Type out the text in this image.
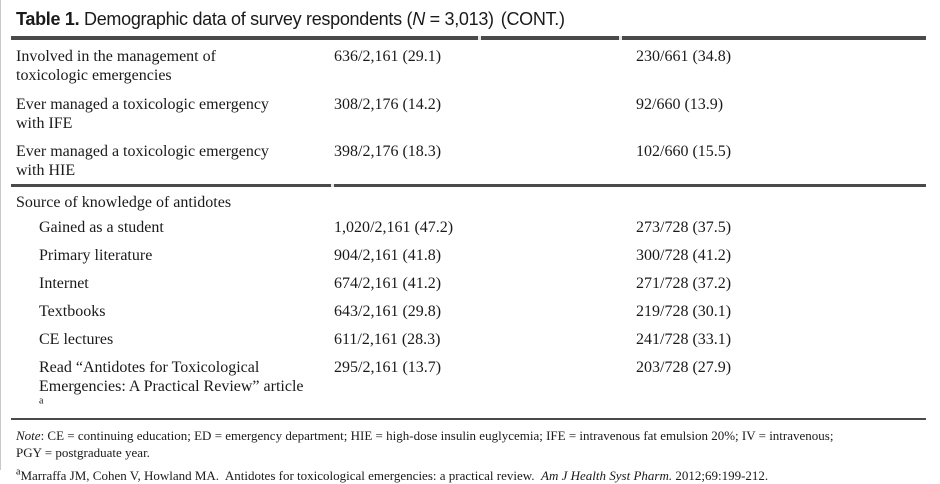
Table 1. Demographic data of survey respondents (N = 3,013) (CONT.)
Involved in the management of
toxicologic emergencies
636/2,161 (29.1)	230/661 (34.8)
Ever managed a toxicologic emergency
with IFE
308/2,176 (14.2)	92/660 (13.9)
Ever managed a toxicologic emergency
with HIE
398/2,176 (18.3)	102/660 (15.5)
Source of knowledge of antidotes
Gained as a student	1,020/2,161 (47.2)	273/728 (37.5)
Primary literature	904/2,161 (41.8)	300/728 (41.2)
Internet	674/2,161 (41.2)	271/728 (37.2)
Textbooks	643/2,161 (29.8)	219/728 (30.1)
CE lectures	611/2,161 (28.3)	241/728 (33.1)
Read “Antidotes for Toxicological
Emergencies: A Practical Review” article
$^a$
295/2,161 (13.7)	203/728 (27.9)
Note: CE = continuing education; ED = emergency department; HIE = high-dose insulin euglycemia; IFE = intravenous fat emulsion 20%; IV = intravenous;
PGY = postgraduate year.
$^a$Marraffa JM, Cohen V, Howland MA.  Antidotes for toxicological emergencies: a practical review.  Am J Health Syst Pharm. 2012;69:199-212.
